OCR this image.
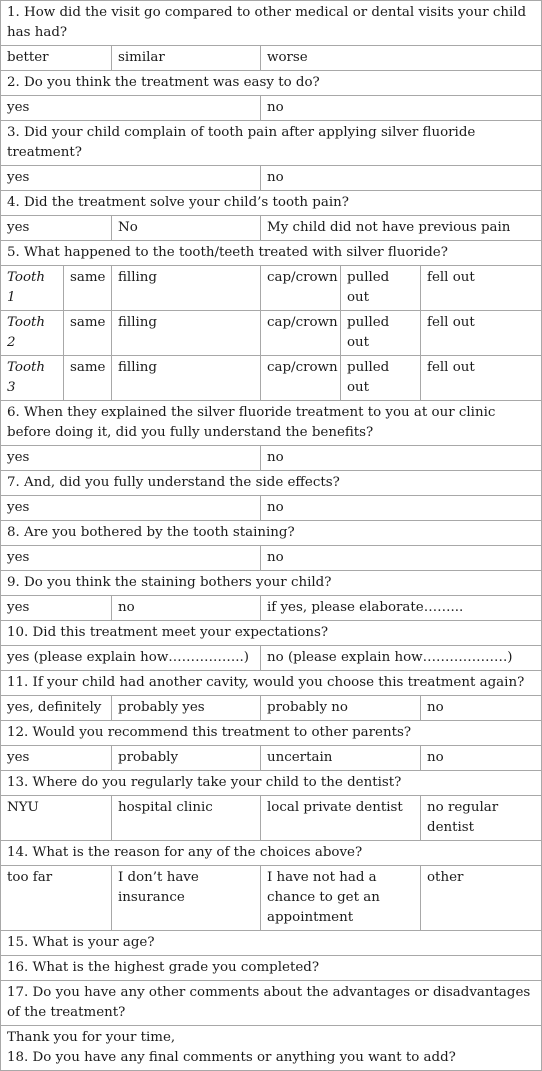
1. How did the visit go compared to other medical or dental visits your child has had?					
better		similar	worse		
2. Do you think the treatment was easy to do?					
yes			no		
3. Did your child complain of tooth pain after applying silver fluoride treatment?					
yes			no		
4. Did the treatment solve your child’s tooth pain?					
yes		No	My child did not have previous pain		
5. What happened to the tooth/teeth treated with silver fluoride?					
Tooth 1	same	filling	cap/crown	pulled out	fell out
Tooth 2	same	filling	cap/crown	pulled out	fell out
Tooth 3	same	filling	cap/crown	pulled out	fell out
6. When they explained the silver fluoride treatment to you at our clinic before doing it, did you fully understand the benefits?					
yes			no		
7. And, did you fully understand the side effects?					
yes			no		
8. Are you bothered by the tooth staining?					
yes			no		
9. Do you think the staining bothers your child?					
yes		no	if yes, please elaborate……...		
10. Did this treatment meet your expectations?					
yes (please explain how……………..)			no (please explain how……………….)		
11. If your child had another cavity, would you choose this treatment again?					
yes, definitely		probably yes	probably no		no
12. Would you recommend this treatment to other parents?					
yes		probably	uncertain		no
13. Where do you regularly take your child to the dentist?					
NYU		hospital clinic	local private dentist		no regular dentist
14. What is the reason for any of the choices above?					
too far		I don’t have insurance	I have not had a chance to get an appointment		other
15. What is your age?					
16. What is the highest grade you completed?					
17. Do you have any other comments about the advantages or disadvantages of the treatment?					

Thank you for your time,
18. Do you have any final comments or anything you want to add?					
